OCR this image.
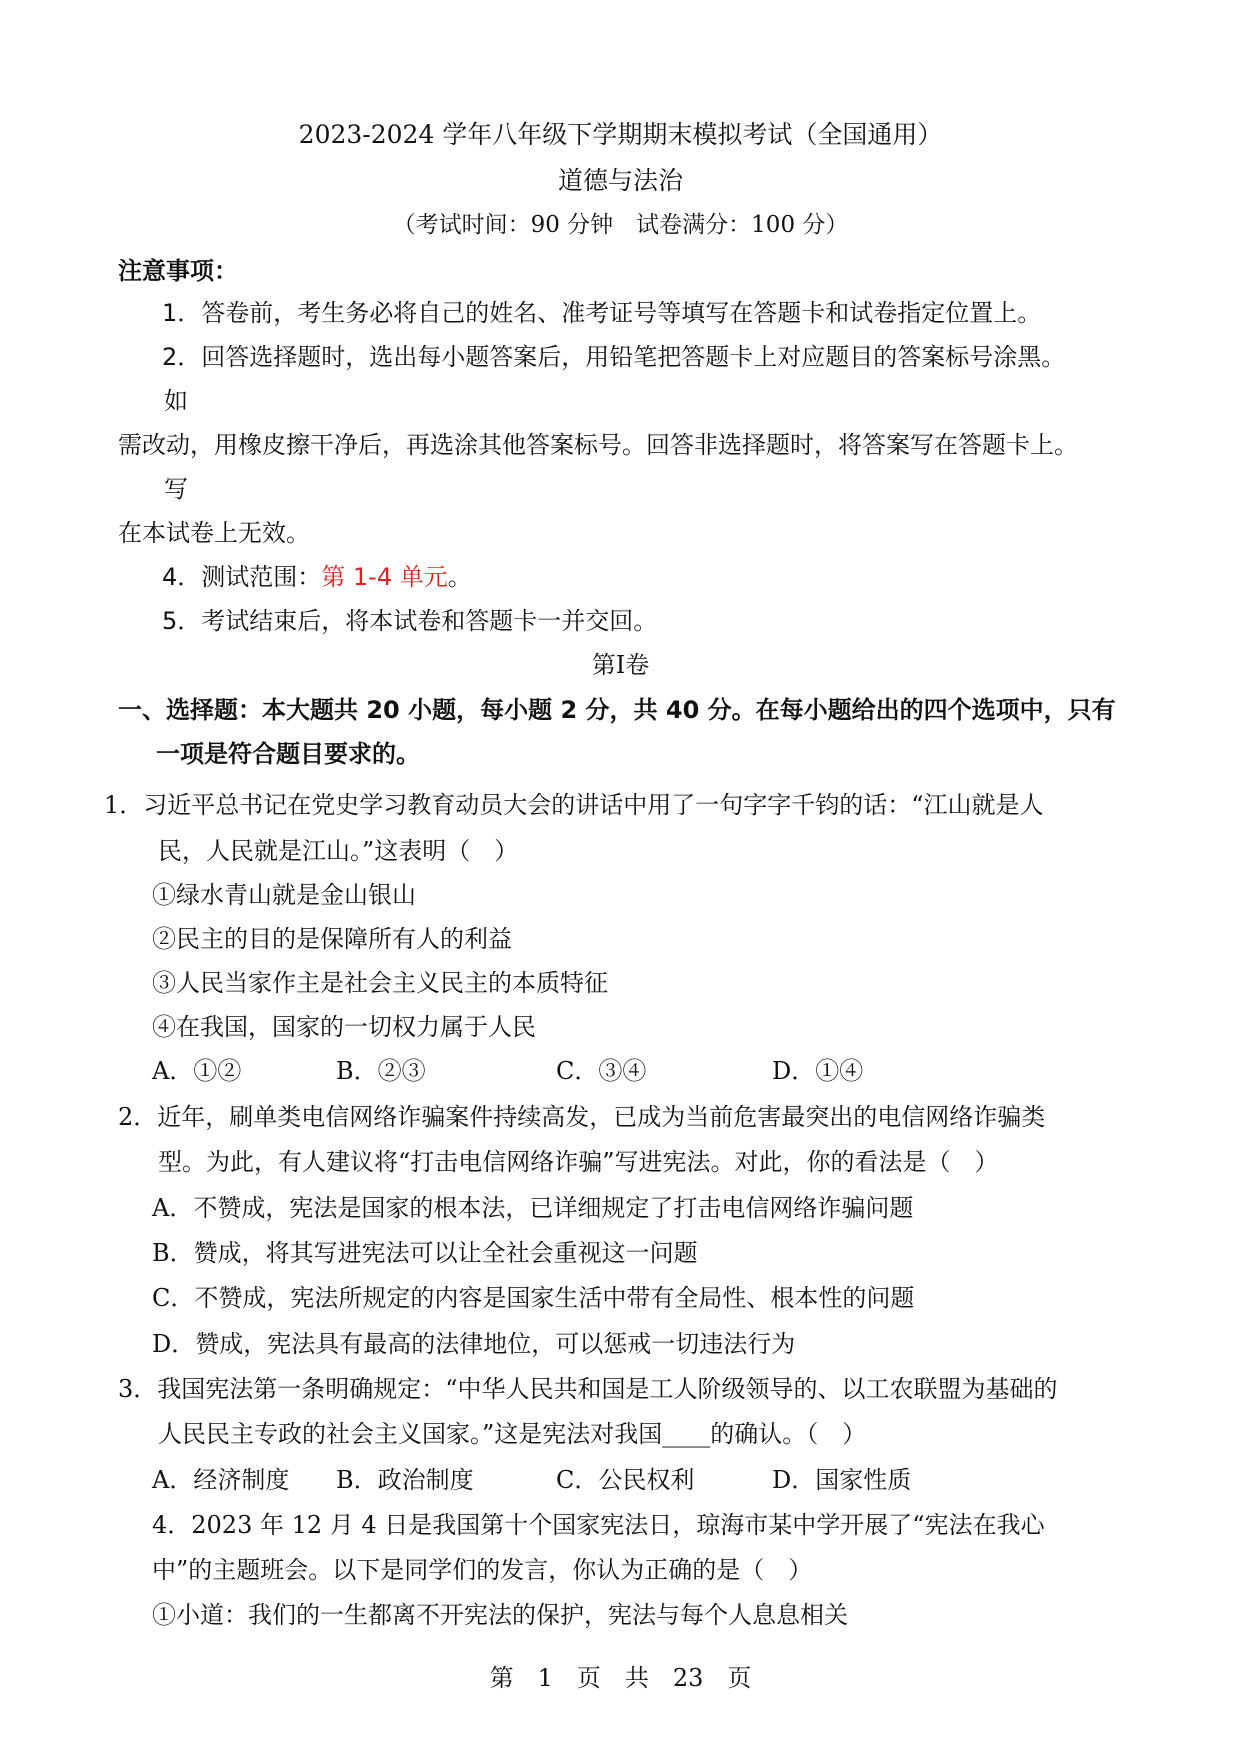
2023-2024 学年八年级下学期期末模拟考试（全国通用）
道德与法治
（考试时间：90 分钟　试卷满分：100 分）
注意事项：
1．答卷前，考生务必将自己的姓名、准考证号等填写在答题卡和试卷指定位置上。
2．回答选择题时，选出每小题答案后，用铅笔把答题卡上对应题目的答案标号涂黑。
如
需改动，用橡皮擦干净后，再选涂其他答案标号。回答非选择题时，将答案写在答题卡上。
写
在本试卷上无效。
4．测试范围：第 1-4 单元。
5．考试结束后，将本试卷和答题卡一并交回。
第Ⅰ卷
一、选择题：本大题共 20 小题，每小题 2 分，共 40 分。在每小题给出的四个选项中，只有
一项是符合题目要求的。
1．习近平总书记在党史学习教育动员大会的讲话中用了一句字字千钧的话：“江山就是人
民，人民就是江山。”这表明（　）
①绿水青山就是金山银山
②民主的目的是保障所有人的利益
③人民当家作主是社会主义民主的本质特征
④在我国，国家的一切权力属于人民
A．①②	B．②③	C．③④	D．①④
2．近年，刷单类电信网络诈骗案件持续高发，已成为当前危害最突出的电信网络诈骗类
型。为此，有人建议将“打击电信网络诈骗”写进宪法。对此，你的看法是（　）
A．不赞成，宪法是国家的根本法，已详细规定了打击电信网络诈骗问题
B．赞成，将其写进宪法可以让全社会重视这一问题
C．不赞成，宪法所规定的内容是国家生活中带有全局性、根本性的问题
D．赞成，宪法具有最高的法律地位，可以惩戒一切违法行为
3．我国宪法第一条明确规定：“中华人民共和国是工人阶级领导的、以工农联盟为基础的
人民民主专政的社会主义国家。”这是宪法对我国____的确认。（　）
A．经济制度 B．政治制度	C．公民权利	D．国家性质
4．2023 年 12 月 4 日是我国第十个国家宪法日，琼海市某中学开展了“宪法在我心
中”的主题班会。以下是同学们的发言，你认为正确的是（　）
①小道：我们的一生都离不开宪法的保护，宪法与每个人息息相关
第　1　页　共　23　页
